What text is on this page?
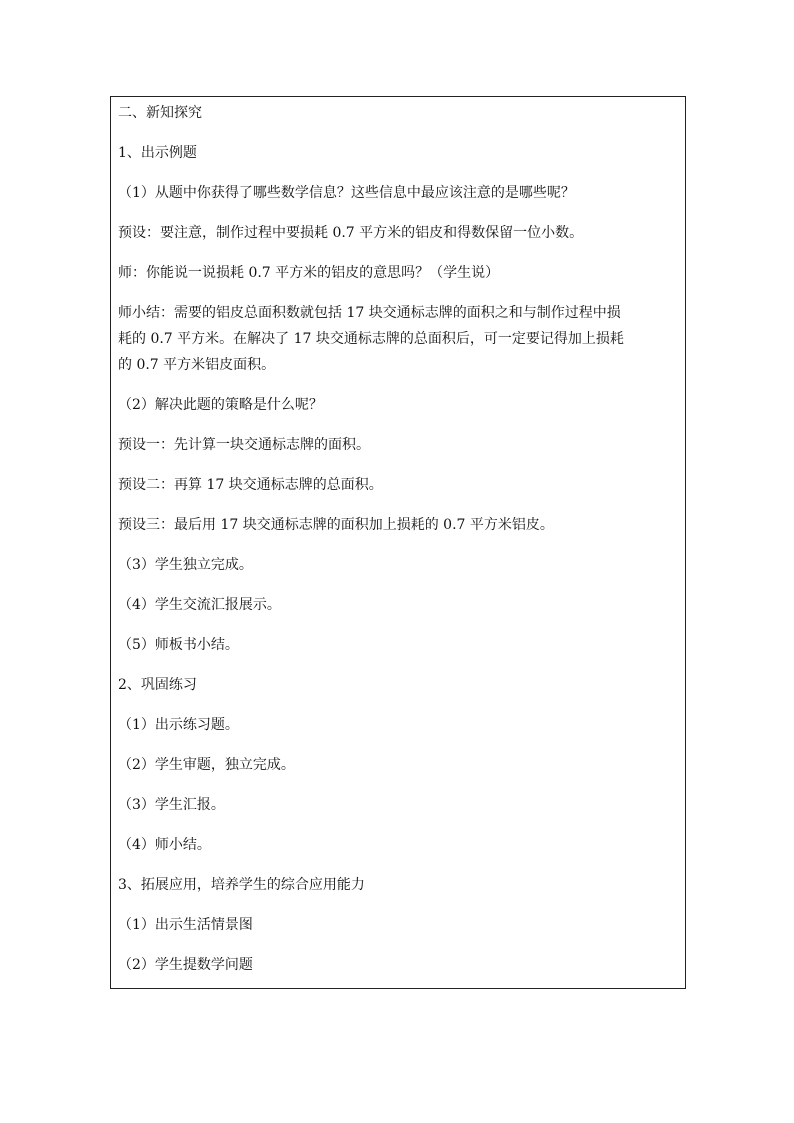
二、新知探究

1、出示例题

（1）从题中你获得了哪些数学信息？这些信息中最应该注意的是哪些呢？

预设：要注意，制作过程中要损耗 0.7 平方米的铝皮和得数保留一位小数。

师：你能说一说损耗 0.7 平方米的铝皮的意思吗？（学生说）

师小结：需要的铝皮总面积数就包括 17 块交通标志牌的面积之和与制作过程中损
耗的 0.7 平方米。在解决了 17 块交通标志牌的总面积后，可一定要记得加上损耗
的 0.7 平方米铝皮面积。

（2）解决此题的策略是什么呢？

预设一：先计算一块交通标志牌的面积。

预设二：再算 17 块交通标志牌的总面积。

预设三：最后用 17 块交通标志牌的面积加上损耗的 0.7 平方米铝皮。

（3）学生独立完成。

（4）学生交流汇报展示。

（5）师板书小结。

2、巩固练习

（1）出示练习题。

（2）学生审题，独立完成。

（3）学生汇报。

（4）师小结。

3、拓展应用，培养学生的综合应用能力

（1）出示生活情景图

（2）学生提数学问题
